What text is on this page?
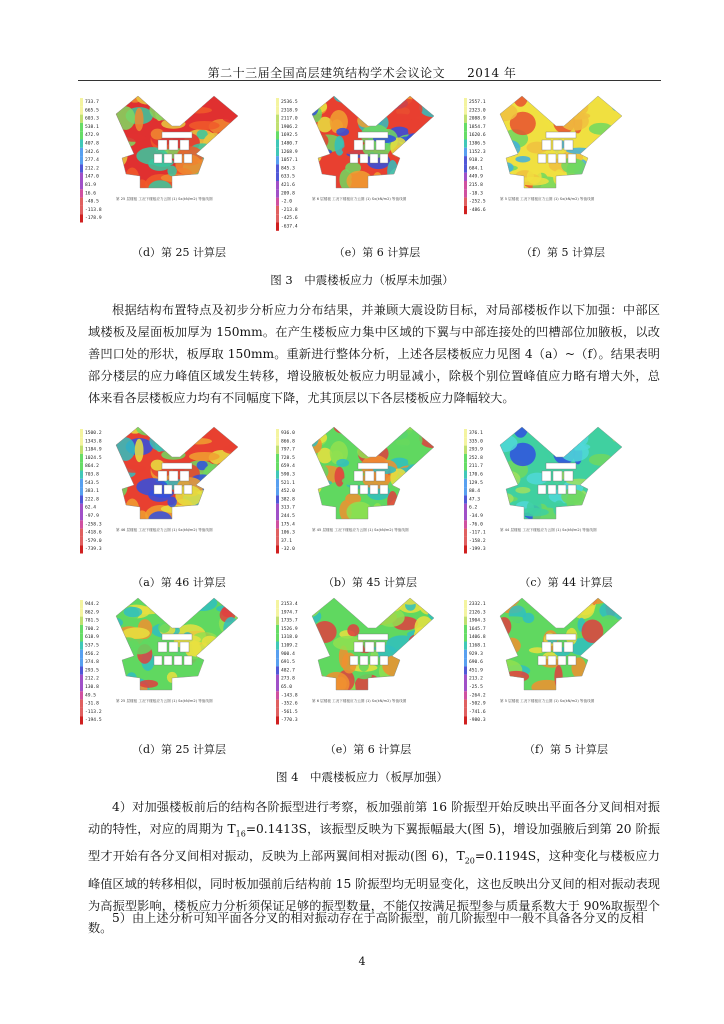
第二十三届全国高层建筑结构学术会议论文 2014 年
733.7
665.5
603.3
538.1
472.9
407.8
342.6
277.4
212.2
147.0
81.9
16.6
-48.5
-113.8
-178.9
第 25 层楼板 工况下楼板应力云图 (1) Sx(kN/m2) 等值线图
2536.5
2318.9
2117.0
1906.2
1692.5
1480.7
1268.9
1057.1
845.3
633.5
421.6
209.8
-2.0
-213.8
-425.6
-637.4
第 6 层楼板 工况下楼板应力云图 (1) Sx(kN/m2) 等值线图
2557.1
2323.0
2088.9
1854.7
1620.6
1386.5
1152.3
918.2
684.1
449.9
215.8
-18.3
-252.5
-486.6
第 5 层楼板 工况下楼板应力云图 (1) Sx(kN/m2) 等值线图
（d）第 25 计算层	（e）第 6 计算层	（f）第 5 计算层
图 3　中震楼板应力（板厚未加强）
根据结构布置特点及初步分析应力分布结果，并兼顾大震设防目标，对局部楼板作以下加强：中部区域楼板及屋面板加厚为 150mm。在产生楼板应力集中区域的下翼与中部连接处的凹槽部位加腋板，以改善凹口处的形状，板厚取 150mm。重新进行整体分析，上述各层楼板应力见图 4（a）~（f）。结果表明部分楼层的应力峰值区域发生转移，增设腋板处板应力明显减小，除极个别位置峰值应力略有增大外，总体来看各层楼板应力均有不同幅度下降，尤其顶层以下各层楼板应力降幅较大。
1500.2
1343.8
1184.9
1024.5
864.2
703.8
543.5
383.1
222.8
62.4
-97.9
-258.3
-418.6
-579.0
-739.3
第 46 层楼板 工况下楼板应力云图 (1) Sx(kN/m2) 等值线图
936.0
866.8
797.7
728.5
659.4
590.3
521.1
452.0
382.8
313.7
244.5
175.4
106.3
37.1
-32.0
第 45 层楼板 工况下楼板应力云图 (1) Sx(kN/m2) 等值线图
376.1
335.0
293.9
252.8
211.7
170.6
129.5
88.4
47.3
6.2
-34.9
-76.0
-117.1
-158.2
-199.3
第 44 层楼板 工况下楼板应力云图 (1) Sx(kN/m2) 等值线图
（a）第 46 计算层	（b）第 45 计算层	（c）第 44 计算层
944.2
862.9
781.5
700.2
618.9
537.5
456.2
374.8
293.5
212.2
130.8
49.5
-31.8
-113.2
-194.5
第 25 层楼板 工况下楼板应力云图 (1) Sx(kN/m2) 等值线图
2153.4
1974.7
1735.7
1526.9
1318.0
1109.2
900.4
691.5
482.7
273.8
65.0
-143.8
-352.6
-561.5
-770.3
第 6 层楼板 工况下楼板应力云图 (1) Sx(kN/m2) 等值线图
2332.1
2126.3
1904.3
1645.7
1406.8
1168.1
929.3
690.6
451.9
213.2
-25.5
-264.2
-502.9
-741.6
-980.3
第 5 层楼板 工况下楼板应力云图 (1) Sx(kN/m2) 等值线图
（d）第 25 计算层	（e）第 6 计算层	（f）第 5 计算层
图 4　中震楼板应力（板厚加强）
4）对加强楼板前后的结构各阶振型进行考察，板加强前第 16 阶振型开始反映出平面各分叉间相对振动的特性，对应的周期为 $T_{16}=0.1413S$，该振型反映为下翼振幅最大(图 5)，增设加强腋后到第 20 阶振型才开始有各分叉间相对振动，反映为上部两翼间相对振动(图 6)，$T_{20}=0.1194S$，这种变化与楼板应力峰值区域的转移相似，同时板加强前后结构前 15 阶振型均无明显变化，这也反映出分叉间的相对振动表现为高振型影响，楼板应力分析须保证足够的振型数量，不能仅按满足振型参与质量系数大于 90%取振型个数。
5）由上述分析可知平面各分叉的相对振动存在于高阶振型，前几阶振型中一般不具备各分叉的反相
4
